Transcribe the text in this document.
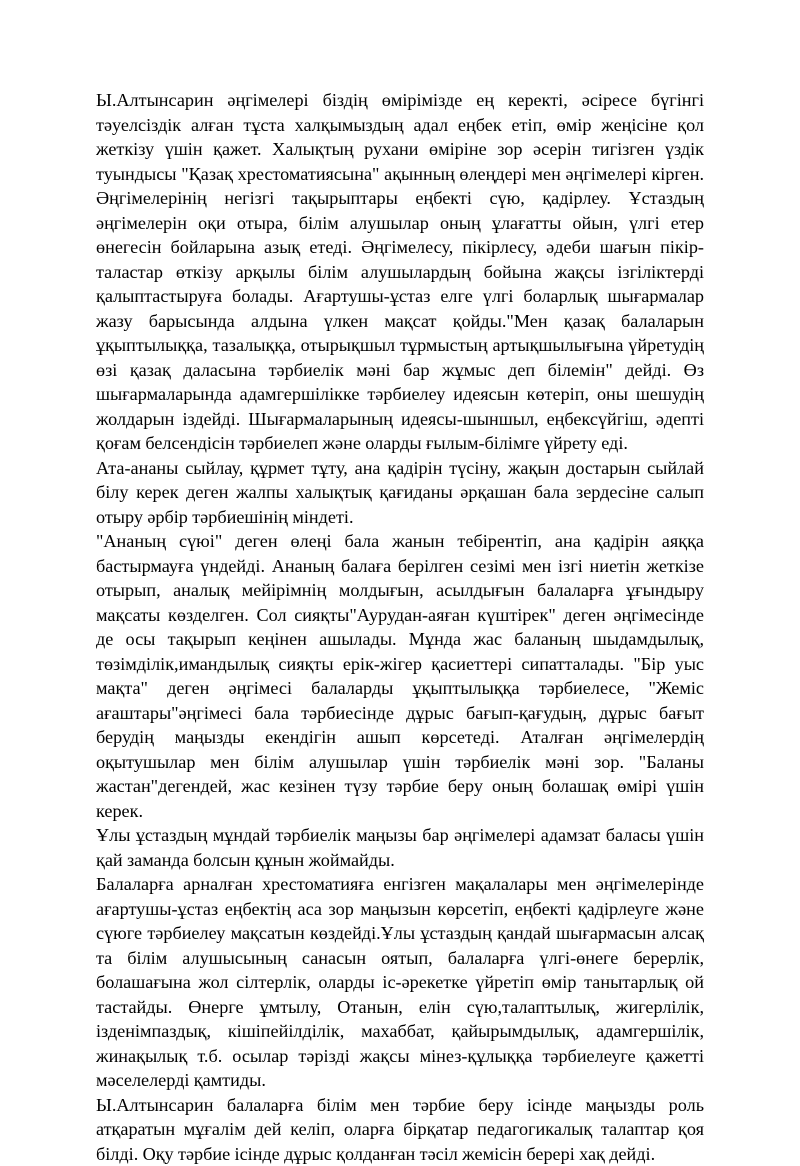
Ы.Алтынсарин әңгімелері біздің өмірімізде ең керекті, әсіресе бүгінгі тәуелсіздік алған тұста халқымыздың адал еңбек етіп, өмір жеңісіне қол жеткізу үшін қажет. Халықтың рухани өміріне зор әсерін тигізген үздік туындысы "Қазақ хрестоматиясына" ақынның өлеңдері мен әңгімелері кірген. Әңгімелерінің негізгі тақырыптары еңбекті сүю, қадірлеу. Ұстаздың әңгімелерін оқи отыра, білім алушылар оның ұлағатты ойын, үлгі етер өнегесін бойларына азық етеді. Әңгімелесу, пікірлесу, әдеби шағын пікір-таластар өткізу арқылы білім алушылардың бойына жақсы ізгіліктерді қалыптастыруға болады. Ағартушы-ұстаз елге үлгі боларлық шығармалар жазу барысында алдына үлкен мақсат қойды."Мен қазақ балаларын ұқыптылыққа, тазалыққа, отырықшыл тұрмыстың артықшылығына үйретудің өзі қазақ даласына тәрбиелік мәні бар жұмыс деп білемін" дейді. Өз шығармаларында адамгершілікке тәрбиелеу идеясын көтеріп, оны шешудің жолдарын іздейді. Шығармаларының идеясы-шыншыл, еңбексүйгіш, әдепті қоғам белсендісін тәрбиелеп және оларды ғылым-білімге үйрету еді.

Ата-ананы сыйлау, құрмет тұту, ана қадірін түсіну, жақын достарын сыйлай білу керек деген жалпы халықтық қағиданы әрқашан бала зердесіне салып отыру әрбір тәрбиешінің міндеті.

"Ананың сүюі" деген өлеңі бала жанын тебірентіп, ана қадірін аяққа бастырмауға үндейді. Ананың балаға берілген сезімі мен ізгі ниетін жеткізе отырып, аналық мейірімнің молдығын, асылдығын балаларға ұғындыру мақсаты көзделген. Сол сияқты"Аурудан-аяған күштірек" деген әңгімесінде де осы тақырып кеңінен ашылады. Мұнда жас баланың шыдамдылық, төзімділік,имандылық сияқты ерік-жігер қасиеттері сипатталады. "Бір уыс мақта" деген әңгімесі балаларды ұқыптылыққа тәрбиелесе, "Жеміс ағаштары"әңгімесі бала тәрбиесінде дұрыс бағып-қағудың, дұрыс бағыт берудің маңызды екендігін ашып көрсетеді. Аталған әңгімелердің оқытушылар мен білім алушылар үшін тәрбиелік мәні зор. "Баланы жастан"дегендей, жас кезінен түзу тәрбие беру оның болашақ өмірі үшін керек.

Ұлы ұстаздың мұндай тәрбиелік маңызы бар әңгімелері адамзат баласы үшін қай заманда болсын құнын жоймайды.

Балаларға арналған хрестоматияға енгізген мақалалары мен әңгімелерінде ағартушы-ұстаз еңбектің аса зор маңызын көрсетіп, еңбекті қадірлеуге және сүюге тәрбиелеу мақсатын көздейді.Ұлы ұстаздың қандай шығармасын алсақ та білім алушысының санасын оятып, балаларға үлгі-өнеге берерлік, болашағына жол сілтерлік, оларды іс-әрекетке үйретіп өмір танытарлық ой тастайды. Өнерге ұмтылу, Отанын, елін сүю,талаптылық, жигерлілік, ізденімпаздық, кішіпейілділік, махаббат, қайырымдылық, адамгершілік, жинақылық т.б. осылар тәрізді жақсы мінез-құлыққа тәрбиелеуге қажетті мәселелерді қамтиды.

Ы.Алтынсарин балаларға білім мен тәрбие беру ісінде маңызды роль атқаратын мұғалім дей келіп, оларға бірқатар педагогикалық талаптар қоя білді. Оқу тәрбие ісінде дұрыс қолданған тәсіл жемісін берері хақ дейді.
